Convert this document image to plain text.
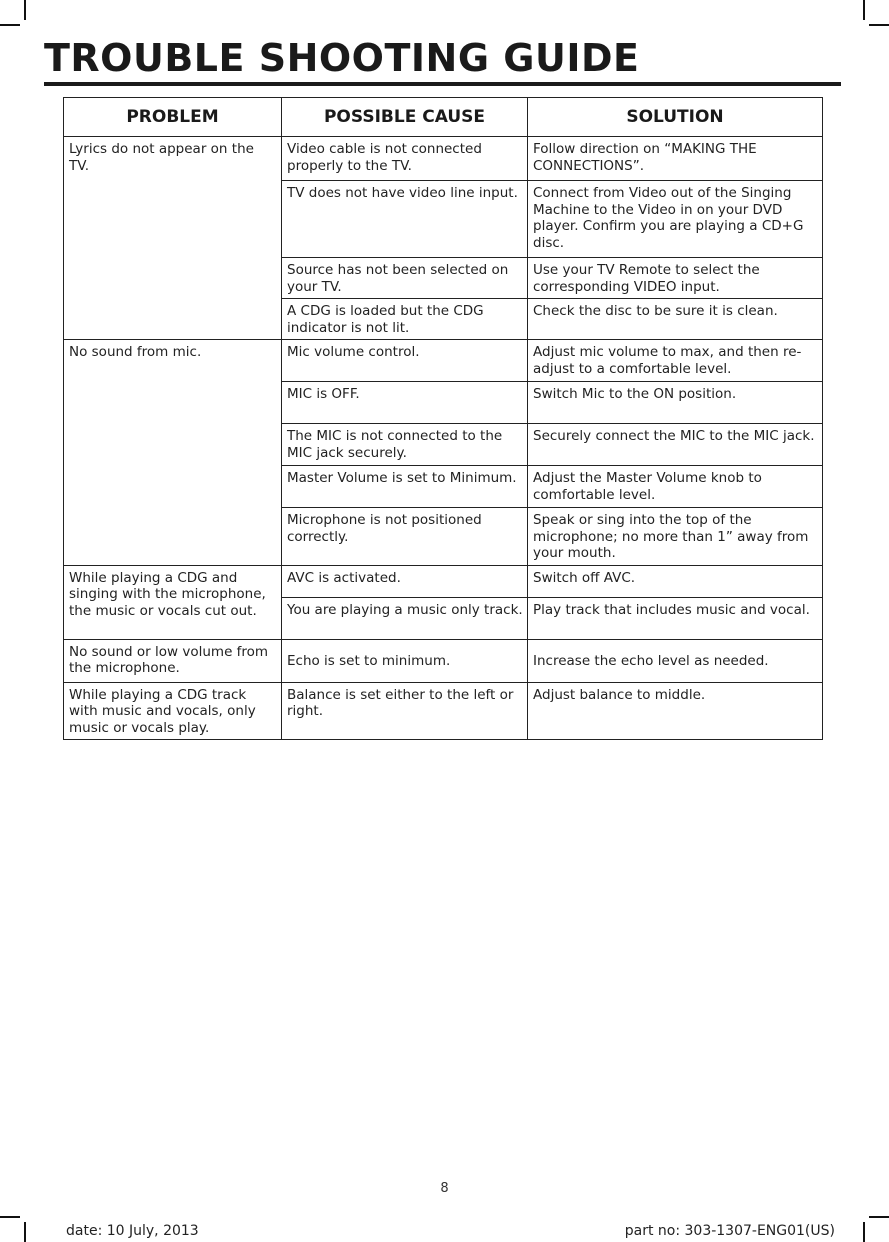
TROUBLE SHOOTING GUIDE
PROBLEM	POSSIBLE CAUSE	SOLUTION
Lyrics do not appear on the TV.	Video cable is not connected properly to the TV.	Follow direction on “MAKING THE CONNECTIONS”.
	TV does not have video line input.	Connect from Video out of the Singing Machine to the Video in on your DVD player. Confirm you are playing a CD+G disc.
	Source has not been selected on your TV.	Use your TV Remote to select the corresponding VIDEO input.
	A CDG is loaded but the CDG indicator is not lit.	Check the disc to be sure it is clean.
No sound from mic.	Mic volume control.	Adjust mic volume to max, and then re-adjust to a comfortable level.
	MIC is OFF.	Switch Mic to the ON position.
	The MIC is not connected to the MIC jack securely.	Securely connect the MIC to the MIC jack.
	Master Volume is set to Minimum.	Adjust the Master Volume knob to comfortable level.
	Microphone is not positioned correctly.	Speak or sing into the top of the microphone; no more than 1” away from your mouth.
While playing a CDG and singing with the microphone, the music or vocals cut out.	AVC is activated.	Switch off AVC.
	You are playing a music only track.	Play track that includes music and vocal.
No sound or low volume from the microphone.	Echo is set to minimum.	Increase the echo level as needed.
While playing a CDG track with music and vocals, only music or vocals play.	Balance is set either to the left or right.	Adjust balance to middle.
8
date: 10 July, 2013	part no: 303-1307-ENG01(US)
